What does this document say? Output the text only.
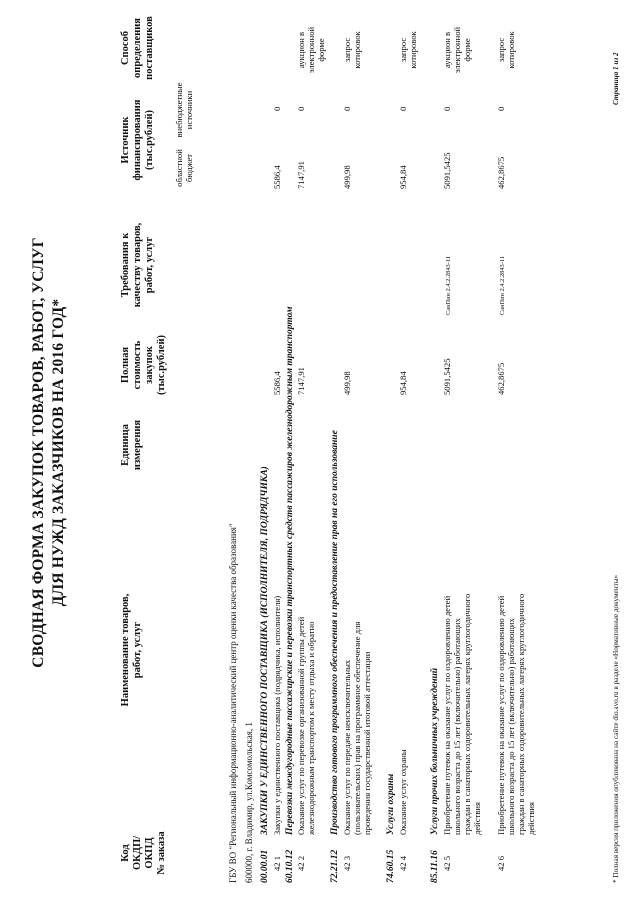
СВОДНАЯ ФОРМА ЗАКУПОК ТОВАРОВ, РАБОТ, УСЛУГ ДЛЯ НУЖД ЗАКАЗЧИКОВ НА 2016 ГОД*
Код ОКДП/ ОКПД № заказа
Наименование товаров, работ, услуг
Единица измерения
Полная стоимость закупок (тыс.рублей)
Требования к качеству товаров, работ, услуг
Источник финансирования (тыс.рублей) областной бюджет
внебюджетные источники
Способ определения поставщиков
ГБУ ВО "Региональный информационно-аналитический центр оценки качества образования" 600000, г. Владимир, ул.Комсомольская, 1 00.00.01
ЗАКУПКИ У ЕДИНСТВЕННОГО ПОСТАВЩИКА (ИСПОЛНИТЕЛЯ, ПОДРЯДЧИКА)
42 1
Закупки у единственного поставщика (подрядчика, исполнителя)
5586,4
5586,4
0
60.10.12
Перевозки междугородные пассажирские и перевозки транспортных средств пассажиров железнодорожным транспортом
42 2
Оказание услуг по перевозке организованной группы детей железнодорожным транспортом к месту отдыха и обратно
7147,91
7147,91
0
аукцион в электронной форме
72.21.12
Производство готового программного обеспечения и предоставление прав на его использование
42 3
Оказание услуг по передаче неисключительных (пользовательских) прав на программное обеспечение для проведения государственной итоговой аттестации
499,98
499,98
0
запрос котировок
74.60.15
Услуги охраны
42 4
Оказание услуг охраны
954,84
954,84
0
запрос котировок
85.11.16
Услуги прочих больничных учреждений
42 5
Приобретение путевок на оказание услуг по оздоровлению детей школьного возраста до 15 лет (включительно) работающих граждан в санаторных оздоровительных лагерях круглогодичного действия
5091,5425
СанПин 2.4.2.2843-11
5091,5425
0
аукцион в электронной форме
42 6
Приобретение путевок на оказание услуг по оздоровлению детей школьного возраста до 15 лет (включительно) работающих граждан в санаторных оздоровительных лагерях круглогодичного действия
462,8675
СанПин 2.4.2.2843-11
462,8675
0
запрос котировок
* Полная версия приложения опубликована на сайте dio.avo.ru в разделе «Нормативные документы»
Страница 1 из 2
